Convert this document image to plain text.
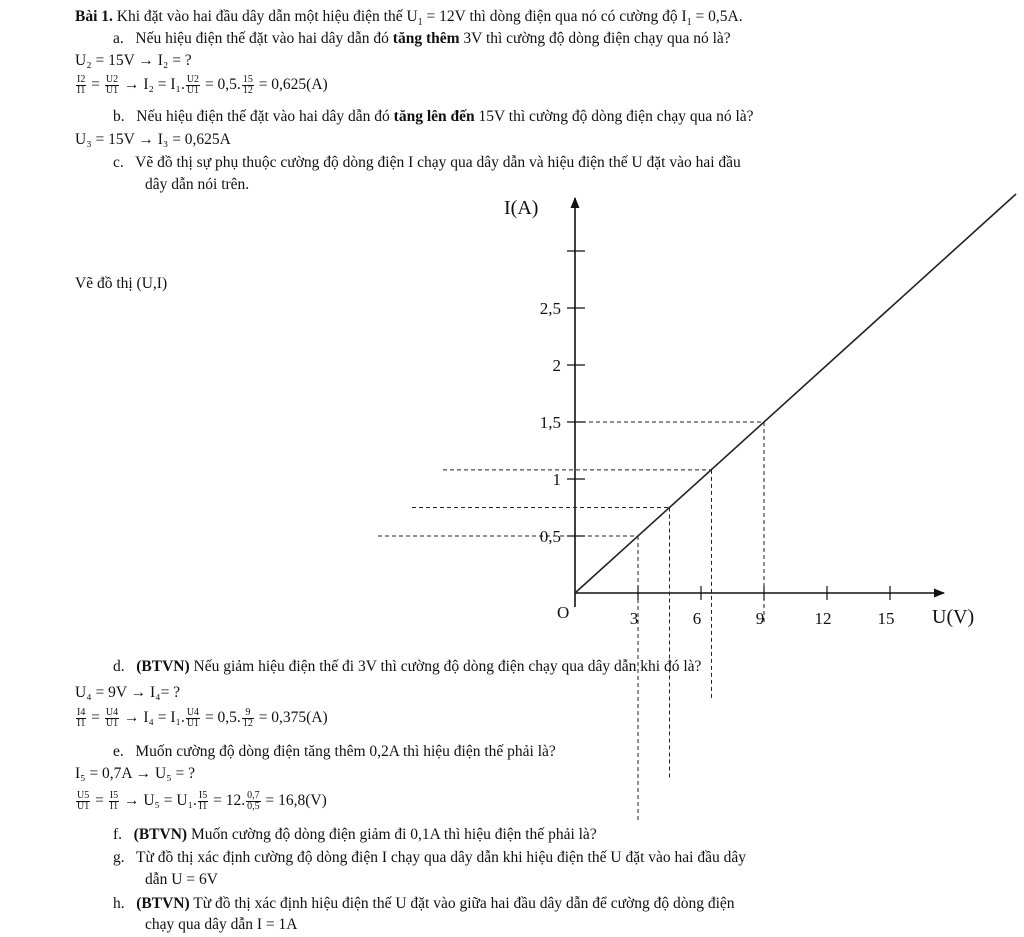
3	6	9	12	15
0,5
1
1,5
2
2,5
O	U(V)
I(A)
Bài 1. Khi đặt vào hai đầu dây dẫn một hiệu điện thế $U_1 = 12V$ thì dòng điện qua nó có cường độ $I_1 = 0,5A$.
a. Nếu hiệu điện thế đặt vào hai dây dẫn đó tăng thêm 3V thì cường độ dòng điện chạy qua nó là?
U₂ = 15V → I₂ = ?
$\frac{I2}{I1} = \frac{U2}{U1} \to I_2 = I_1$. $\frac{U2}{U1} = 0,5$. $\frac{15}{12} = 0,625(A)$
b. Nếu hiệu điện thế đặt vào hai dây dẫn đó tăng lên đến 15V thì cường độ dòng điện chạy qua nó là?
U₃ = 15V → I₃ = 0,625A
c. Vẽ đồ thị sự phụ thuộc cường độ dòng điện I chạy qua dây dẫn và hiệu điện thế U đặt vào hai đầu
dây dẫn nói trên.
Vẽ đồ thị (U,I)
d. (BTVN) Nếu giảm hiệu điện thế đi 3V thì cường độ dòng điện chạy qua dây dẫn khi đó là?
U₄ = 9V → I₄= ?
$\frac{I4}{I1} = \frac{U4}{U1} \to I_4 = I_1$. $\frac{U4}{U1} = 0,5$. $\frac{9}{12} = 0,375(A)$
e. Muốn cường độ dòng điện tăng thêm 0,2A thì hiệu điện thế phải là?
I₅ = 0,7A → U₅ = ?
$\frac{U5}{U1} = \frac{I5}{I1} \to U_5 = U_1$. $\frac{I5}{I1} = 12$. $\frac{0,7}{0,5} = 16,8(V)$
f. (BTVN) Muốn cường độ dòng điện giảm đi 0,1A thì hiệu điện thế phải là?
g. Từ đồ thị xác định cường độ dòng điện I chạy qua dây dẫn khi hiệu điện thế U đặt vào hai đầu dây
dẫn U = 6V
h. (BTVN) Từ đồ thị xác định hiệu điện thế U đặt vào giữa hai đầu dây dẫn để cường độ dòng điện
chạy qua dây dẫn I = 1A
